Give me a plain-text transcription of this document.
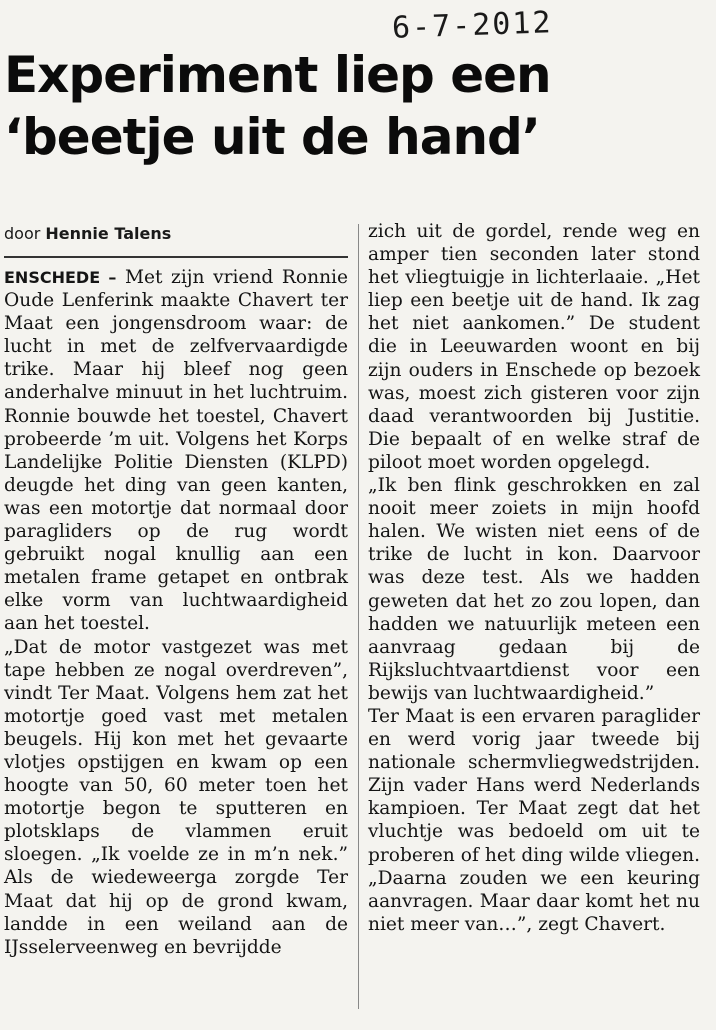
6-7-2012
Experiment liep een
‘beetje uit de hand’
door Hennie Talens

ENSCHEDE – Met zijn vriend Ronnie Oude Lenferink maakte Chavert ter Maat een jongensdroom waar: de lucht in met de zelfvervaardigde trike. Maar hij bleef nog geen anderhalve minuut in het luchtruim. Ronnie bouwde het toestel, Chavert probeerde ’m uit. Volgens het Korps Landelijke Politie Diensten (KLPD) deugde het ding van geen kanten, was een motortje dat normaal door paragliders op de rug wordt gebruikt nogal knullig aan een metalen frame getapet en ontbrak elke vorm van luchtwaardigheid aan het toestel.

„Dat de motor vastgezet was met tape hebben ze nogal overdreven”, vindt Ter Maat. Volgens hem zat het motortje goed vast met metalen beugels. Hij kon met het gevaarte vlotjes opstijgen en kwam op een hoogte van 50, 60 meter toen het motortje begon te sputteren en plotsklaps de vlammen eruit sloegen. „Ik voelde ze in m’n nek.” Als de wiedeweerga zorgde Ter Maat dat hij op de grond kwam, landde in een weiland aan de IJsselerveenweg en bevrijdde

zich uit de gordel, rende weg en amper tien seconden later stond het vliegtuigje in lichterlaaie. „Het liep een beetje uit de hand. Ik zag het niet aankomen.” De student die in Leeuwarden woont en bij zijn ouders in Enschede op bezoek was, moest zich gisteren voor zijn daad verantwoorden bij Justitie. Die bepaalt of en welke straf de piloot moet worden opgelegd.

„Ik ben flink geschrokken en zal nooit meer zoiets in mijn hoofd halen. We wisten niet eens of de trike de lucht in kon. Daarvoor was deze test. Als we hadden geweten dat het zo zou lopen, dan hadden we natuurlijk meteen een aanvraag gedaan bij de Rijksluchtvaartdienst voor een bewijs van luchtwaardigheid.”

Ter Maat is een ervaren paraglider en werd vorig jaar tweede bij nationale schermvliegwedstrijden. Zijn vader Hans werd Nederlands kampioen. Ter Maat zegt dat het vluchtje was bedoeld om uit te proberen of het ding wilde vliegen. „Daarna zouden we een keuring aanvragen. Maar daar komt het nu niet meer van…”, zegt Chavert.
